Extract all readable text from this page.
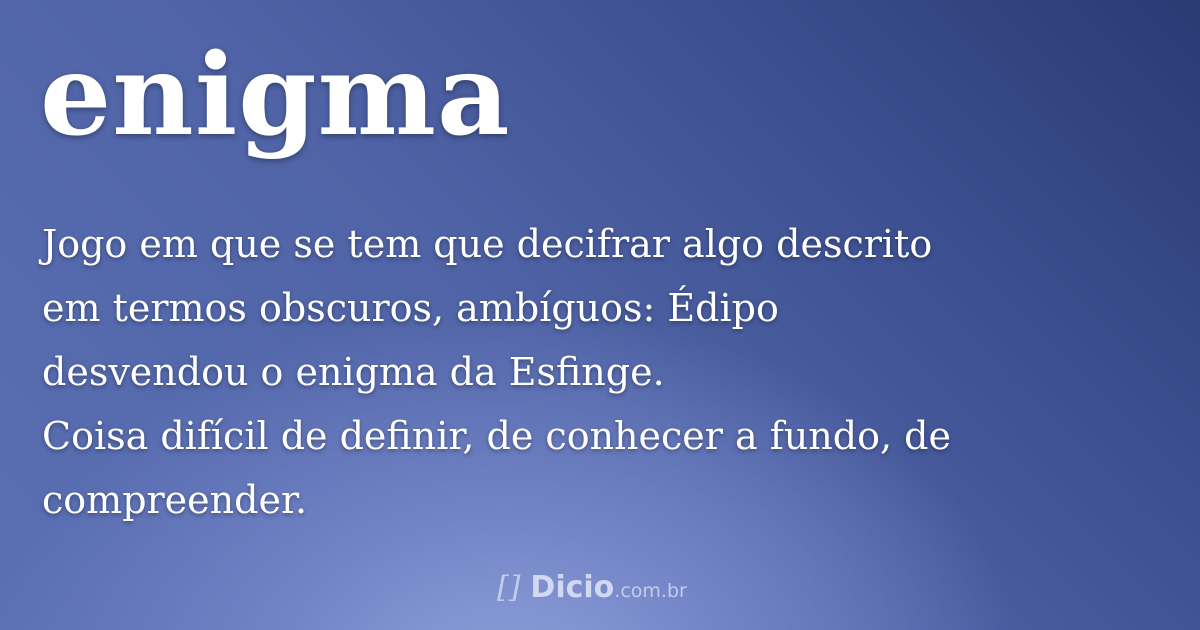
enigma

Jogo em que se tem que decifrar algo descrito

em termos obscuros, ambíguos: Édipo

desvendou o enigma da Esfinge.

Coisa difícil de definir, de conhecer a fundo, de

compreender.

[] Dicio .com.br
